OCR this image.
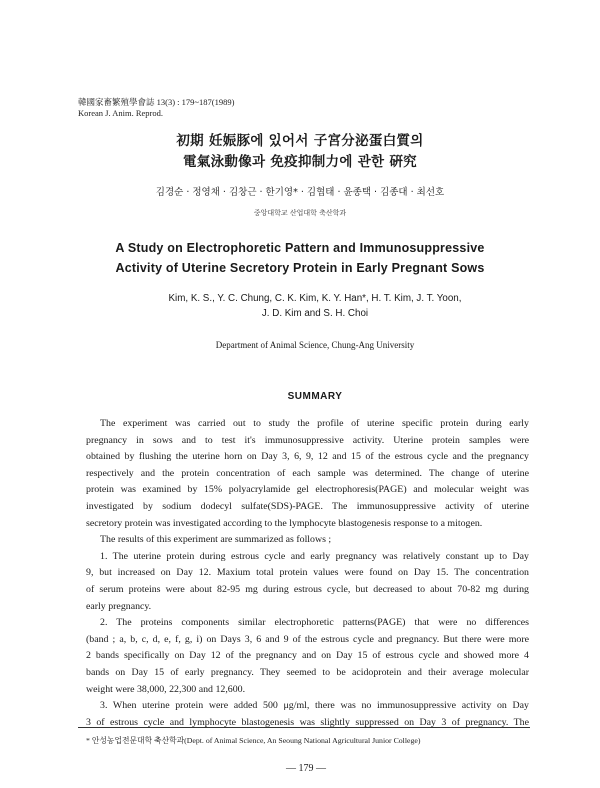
韓國家畜繁殖學會誌 13(3) : 179~187(1989)
Korean J. Anim. Reprod.
初期 妊娠豚에 있어서 子宮分泌蛋白質의
電氣泳動像과 免疫抑制力에 관한 硏究
김경순 · 정영채 · 김창근 · 한기영* · 김협태 · 윤종택 · 김종대 · 최선호
중앙대학교 산업대학 축산학과
A Study on Electrophoretic Pattern and Immunosuppressive
Activity of Uterine Secretory Protein in Early Pregnant Sows
Kim, K. S., Y. C. Chung, C. K. Kim, K. Y. Han*, H. T. Kim, J. T. Yoon,
J. D. Kim and S. H. Choi
Department of Animal Science, Chung-Ang University
SUMMARY
The experiment was carried out to study the profile of uterine specific protein during early
pregnancy in sows and to test it's immunosuppressive activity. Uterine protein samples were
obtained by flushing the uterine horn on Day 3, 6, 9, 12 and 15 of the estrous cycle and the pregnancy
respectively and the protein concentration of each sample was determined. The change of uterine
protein was examined by 15% polyacrylamide gel electrophoresis(PAGE) and molecular weight was
investigated by sodium dodecyl sulfate(SDS)-PAGE. The immunosuppressive activity of uterine
secretory protein was investigated according to the lymphocyte blastogenesis response to a mitogen.
The results of this experiment are summarized as follows ;
1. The uterine protein during estrous cycle and early pregnancy was relatively constant up to Day
9, but increased on Day 12. Maxium total protein values were found on Day 15. The concentration
of serum proteins were about 82-95 mg during estrous cycle, but decreased to about 70-82 mg during
early pregnancy.
2. The proteins components similar electrophoretic patterns(PAGE) that were no differences
(band ; a, b, c, d, e, f, g, i) on Days 3, 6 and 9 of the estrous cycle and pregnancy. But there were more
2 bands specifically on Day 12 of the pregnancy and on Day 15 of estrous cycle and showed more 4
bands on Day 15 of early pregnancy. They seemed to be acidoprotein and their average molecular
weight were 38,000, 22,300 and 12,600.
3. When uterine protein were added 500 μg/ml, there was no immunosuppressive activity on Day
3 of estrous cycle and lymphocyte blastogenesis was slightly suppressed on Day 3 of pregnancy. The
* 안성농업전문대학 축산학과(Dept. of Animal Science, An Seoung National Agricultural Junior College)
— 179 —
